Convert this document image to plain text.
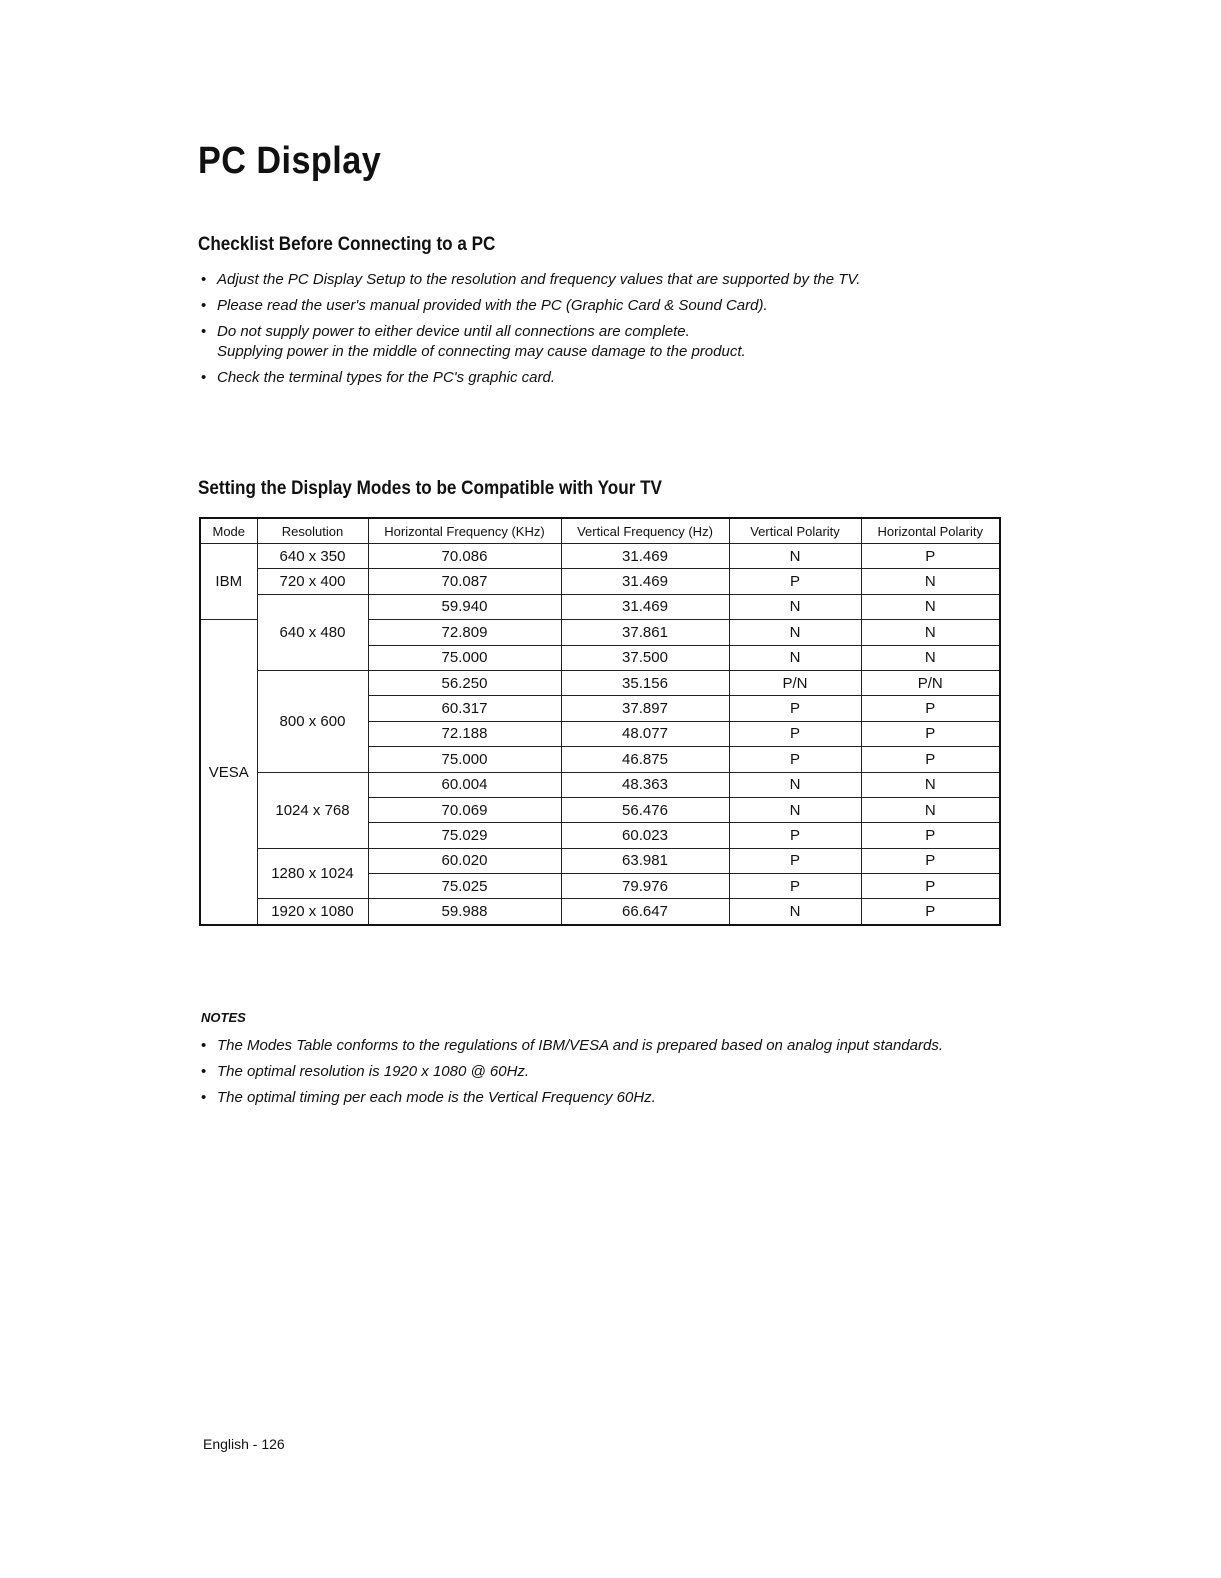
PC Display
Checklist Before Connecting to a PC
• Adjust the PC Display Setup to the resolution and frequency values that are supported by the TV.
• Please read the user's manual provided with the PC (Graphic Card & Sound Card).
• Do not supply power to either device until all connections are complete.
Supplying power in the middle of connecting may cause damage to the product.
• Check the terminal types for the PC's graphic card.
Setting the Display Modes to be Compatible with Your TV
Mode	Resolution	Horizontal Frequency (KHz)	Vertical Frequency (Hz)	Vertical Polarity	Horizontal Polarity
IBM	640 x 350	70.086	31.469	N	P
	720 x 400	70.087	31.469	P	N
	640 x 480	59.940	31.469	N	N
VESA		72.809	37.861	N	N
		75.000	37.500	N	N
	800 x 600	56.250	35.156	P/N	P/N
		60.317	37.897	P	P
		72.188	48.077	P	P
		75.000	46.875	P	P
	1024 x 768	60.004	48.363	N	N
		70.069	56.476	N	N
		75.029	60.023	P	P
	1280 x 1024	60.020	63.981	P	P
		75.025	79.976	P	P
	1920 x 1080	59.988	66.647	N	P
NOTES
• The Modes Table conforms to the regulations of IBM/VESA and is prepared based on analog input standards.
• The optimal resolution is 1920 x 1080 @ 60Hz.
• The optimal timing per each mode is the Vertical Frequency 60Hz.

English - 126
